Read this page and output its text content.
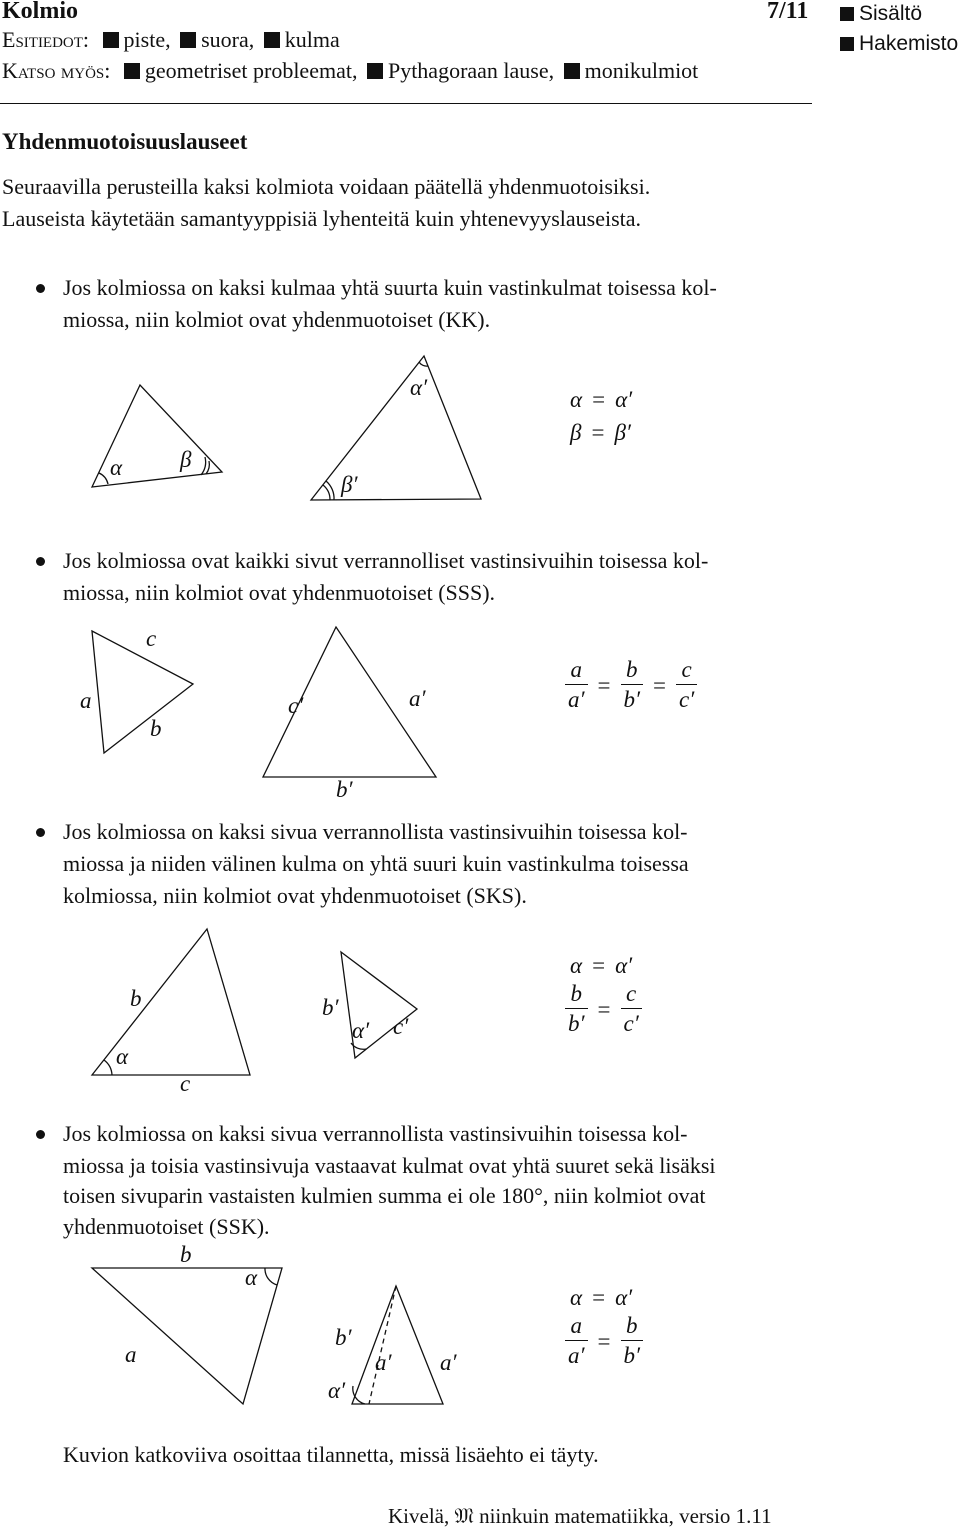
Kolmio	7/11	Sisältö
Hakemisto
Esitiedot: piste, suora, kulma
Katso myös: geometriset probleemat, Pythagoraan lause, monikulmiot
Yhdenmuotoisuuslauseet
Seuraavilla perusteilla kaksi kolmiota voidaan päätellä yhdenmuotoisiksi.
Lauseista käytetään samantyyppisiä lyhenteitä kuin yhtenevyyslauseista.
Jos kolmiossa on kaksi kulmaa yhtä suurta kuin vastinkulmat toisessa kol-
miossa, niin kolmiot ovat yhdenmuotoiset (KK).
α	β
α′
β′
α = α′
β = β′
Jos kolmiossa ovat kaikki sivut verrannolliset vastinsivuihin toisessa kol-
miossa, niin kolmiot ovat yhdenmuotoiset (SSS).
c
a
b
c′	a′
b′
$\frac{a}{a'} = \frac{b}{b'} = \frac{c}{c'}$
Jos kolmiossa on kaksi sivua verrannollista vastinsivuihin toisessa kol-
miossa ja niiden välinen kulma on yhtä suuri kuin vastinkulma toisessa
kolmiossa, niin kolmiot ovat yhdenmuotoiset (SKS).
b
α
c
b′
α′ c′
α = α′
$\frac{b}{b'} = \frac{c}{c'}$
Jos kolmiossa on kaksi sivua verrannollista vastinsivuihin toisessa kol-
miossa ja toisia vastinsivuja vastaavat kulmat ovat yhtä suuret sekä lisäksi
toisen sivuparin vastaisten kulmien summa ei ole 180°, niin kolmiot ovat
yhdenmuotoiset (SSK).
b
α
a
b′
a′ a′
α′
α = α′
$\frac{a}{a'} = \frac{b}{b'}$
Kuvion katkoviiva osoittaa tilannetta, missä lisäehto ei täyty.
Kivelä, 𝔐 niinkuin matematiikka, versio 1.11
